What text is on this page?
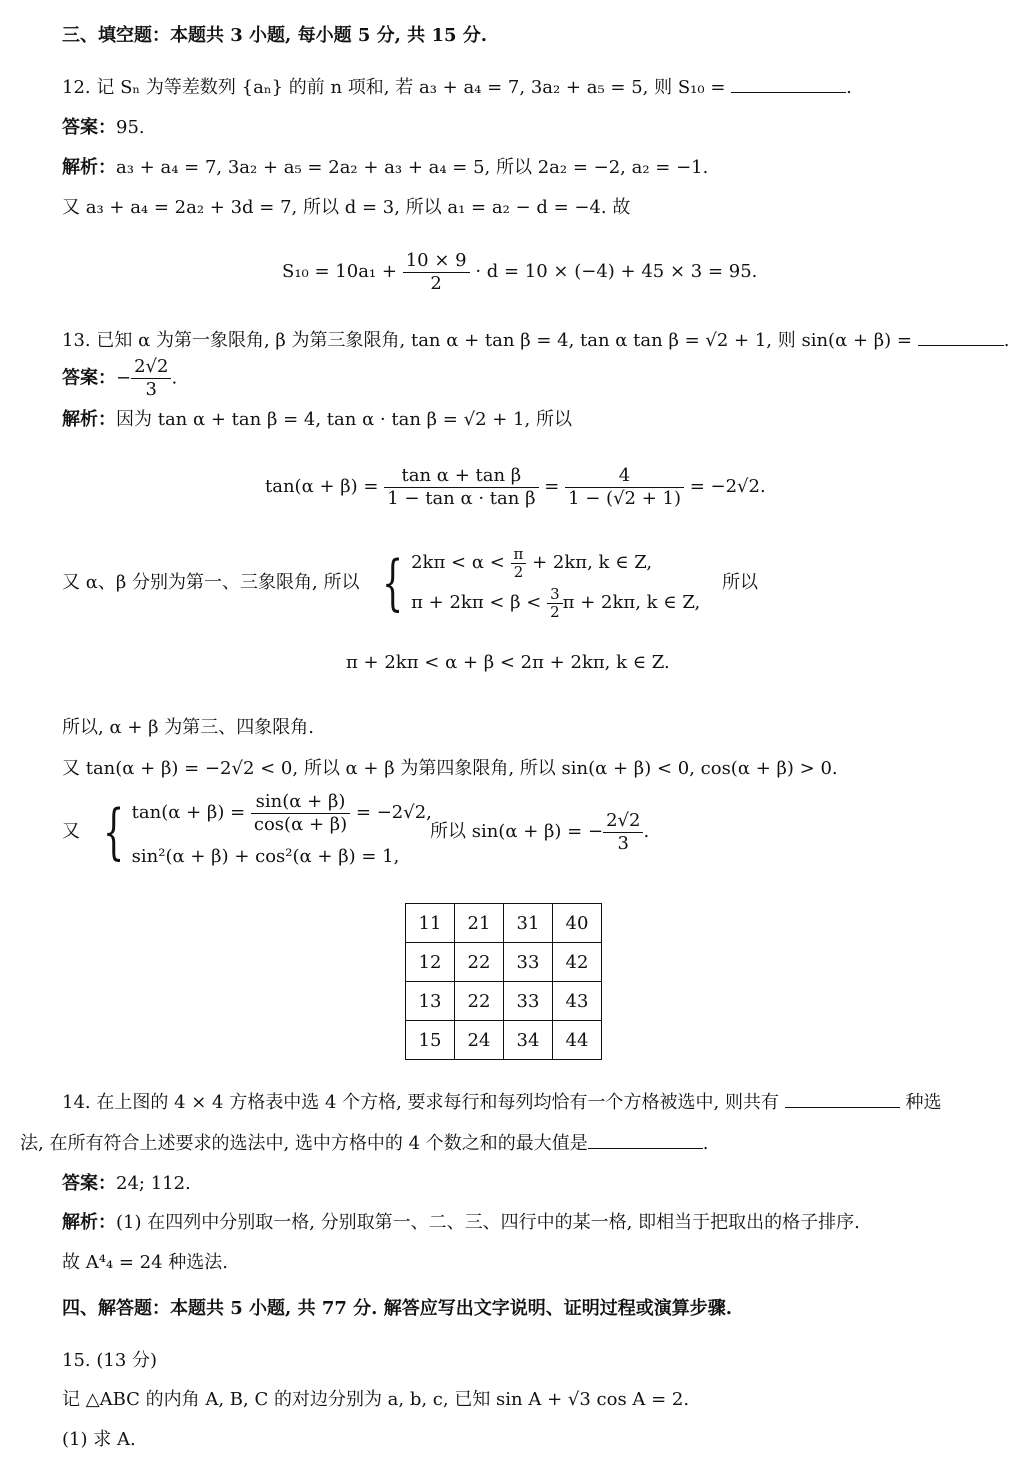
三、填空题：本题共 3 小题, 每小题 5 分, 共 15 分.
12. 记 Sₙ 为等差数列 {aₙ} 的前 n 项和, 若 a₃ + a₄ = 7, 3a₂ + a₅ = 5, 则 S₁₀ =	.
答案：95.
解析：a₃ + a₄ = 7, 3a₂ + a₅ = 2a₂ + a₃ + a₄ = 5, 所以 2a₂ = −2, a₂ = −1.
又 a₃ + a₄ = 2a₂ + 3d = 7, 所以 d = 3, 所以 a₁ = a₂ − d = −4. 故
$S_{10} = 10a_1 + \frac{10 \times 9}{2} \cdot d = 10 \times (-4) + 45 \times 3 = 95$.
13. 已知 α 为第一象限角, β 为第三象限角, tan α + tan β = 4, tan α tan β = √2 + 1, 则 sin(α + β) =	.
答案：− $\frac{2√2}{3}$ .
解析：因为 tan α + tan β = 4, tan α · tan β = √2 + 1, 所以
$\tan(\alpha + \beta) = \frac{\text{tan α + tan β}}{\text{1 − tan α · tan β}} = \frac{4}{1 - (√2 + 1)} = -2√2$.
又 α、β 分别为第一、三象限角, 所以 { $2k\pi < \alpha < \frac{\pi}{2} + 2k\pi$, k ∈ Z,
$\pi + 2k\pi < \beta < \frac{3}{2}$ π + 2kπ, k ∈ Z,
所以
π + 2kπ < α + β < 2π + 2kπ, k ∈ Z.
所以, α + β 为第三、四象限角.
又 tan(α + β) = −2√2 < 0, 所以 α + β 为第四象限角, 所以 sin(α + β) < 0, cos(α + β) > 0.
又 { $\tan(\alpha + \beta) = \frac{\sin(\alpha + \beta)}{\cos(\alpha + \beta)} = -2√2$,
sin²(α + β) + cos²(α + β) = 1,
所以 sin(α + β) = − $\frac{2√2}{3}$ .
11	21	31	40
12	22	33	42
13	22	33	43
15	24	34	44
14. 在上图的 4 × 4 方格表中选 4 个方格, 要求每行和每列均恰有一个方格被选中, 则共有	种选
法, 在所有符合上述要求的选法中, 选中方格中的 4 个数之和的最大值是	.
答案：24; 112.
解析：(1) 在四列中分别取一格, 分别取第一、二、三、四行中的某一格, 即相当于把取出的格子排序.
故 A⁴₄ = 24 种选法.
四、解答题：本题共 5 小题, 共 77 分. 解答应写出文字说明、证明过程或演算步骤.
15. (13 分)
记 △ABC 的内角 A, B, C 的对边分别为 a, b, c, 已知 sin A + √3 cos A = 2.
(1) 求 A.
